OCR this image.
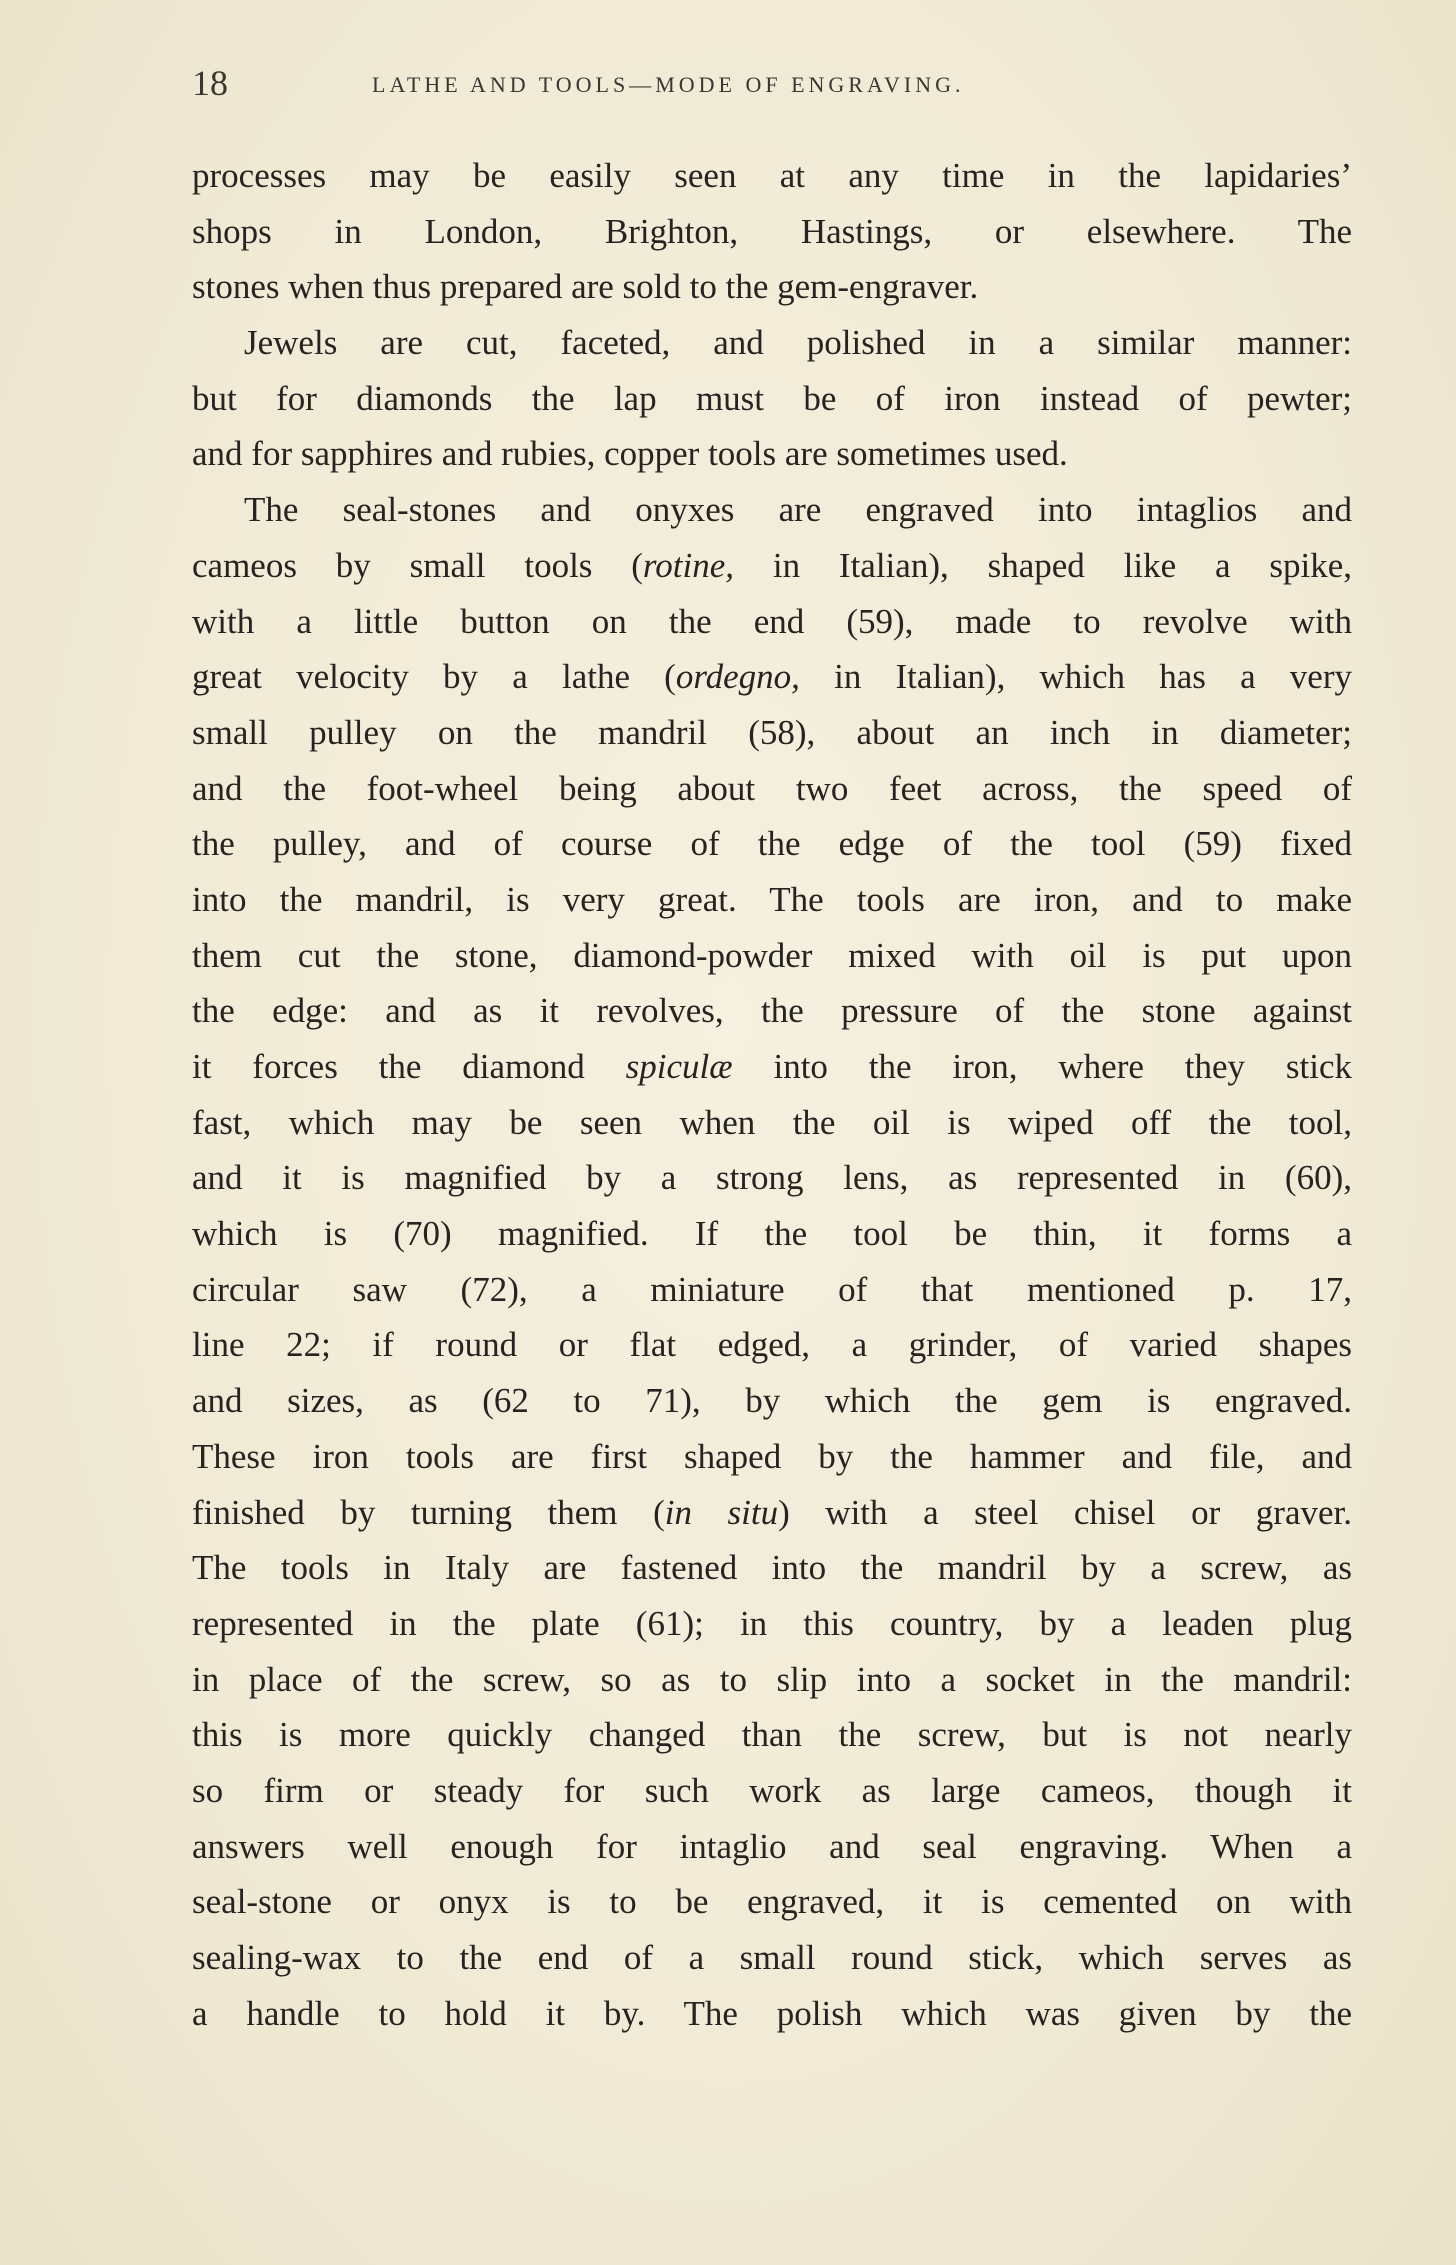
18	LATHE AND TOOLS—MODE OF ENGRAVING.
processes may be easily seen at any time in the lapidaries’
shops in London, Brighton, Hastings, or elsewhere. The
stones when thus prepared are sold to the gem-engraver.
Jewels are cut, faceted, and polished in a similar manner:
but for diamonds the lap must be of iron instead of pewter;
and for sapphires and rubies, copper tools are sometimes used.
The seal-stones and onyxes are engraved into intaglios and
cameos by small tools (rotine, in Italian), shaped like a spike,
with a little button on the end (59), made to revolve with
great velocity by a lathe (ordegno, in Italian), which has a very
small pulley on the mandril (58), about an inch in diameter;
and the foot-wheel being about two feet across, the speed of
the pulley, and of course of the edge of the tool (59) fixed
into the mandril, is very great. The tools are iron, and to make
them cut the stone, diamond-powder mixed with oil is put upon
the edge: and as it revolves, the pressure of the stone against
it forces the diamond spiculæ into the iron, where they stick
fast, which may be seen when the oil is wiped off the tool,
and it is magnified by a strong lens, as represented in (60),
which is (70) magnified. If the tool be thin, it forms a
circular saw (72), a miniature of that mentioned p. 17,
line 22; if round or flat edged, a grinder, of varied shapes
and sizes, as (62 to 71), by which the gem is engraved.
These iron tools are first shaped by the hammer and file, and
finished by turning them (in situ) with a steel chisel or graver.
The tools in Italy are fastened into the mandril by a screw, as
represented in the plate (61); in this country, by a leaden plug
in place of the screw, so as to slip into a socket in the mandril:
this is more quickly changed than the screw, but is not nearly
so firm or steady for such work as large cameos, though it
answers well enough for intaglio and seal engraving. When a
seal-stone or onyx is to be engraved, it is cemented on with
sealing-wax to the end of a small round stick, which serves as
a handle to hold it by. The polish which was given by the
